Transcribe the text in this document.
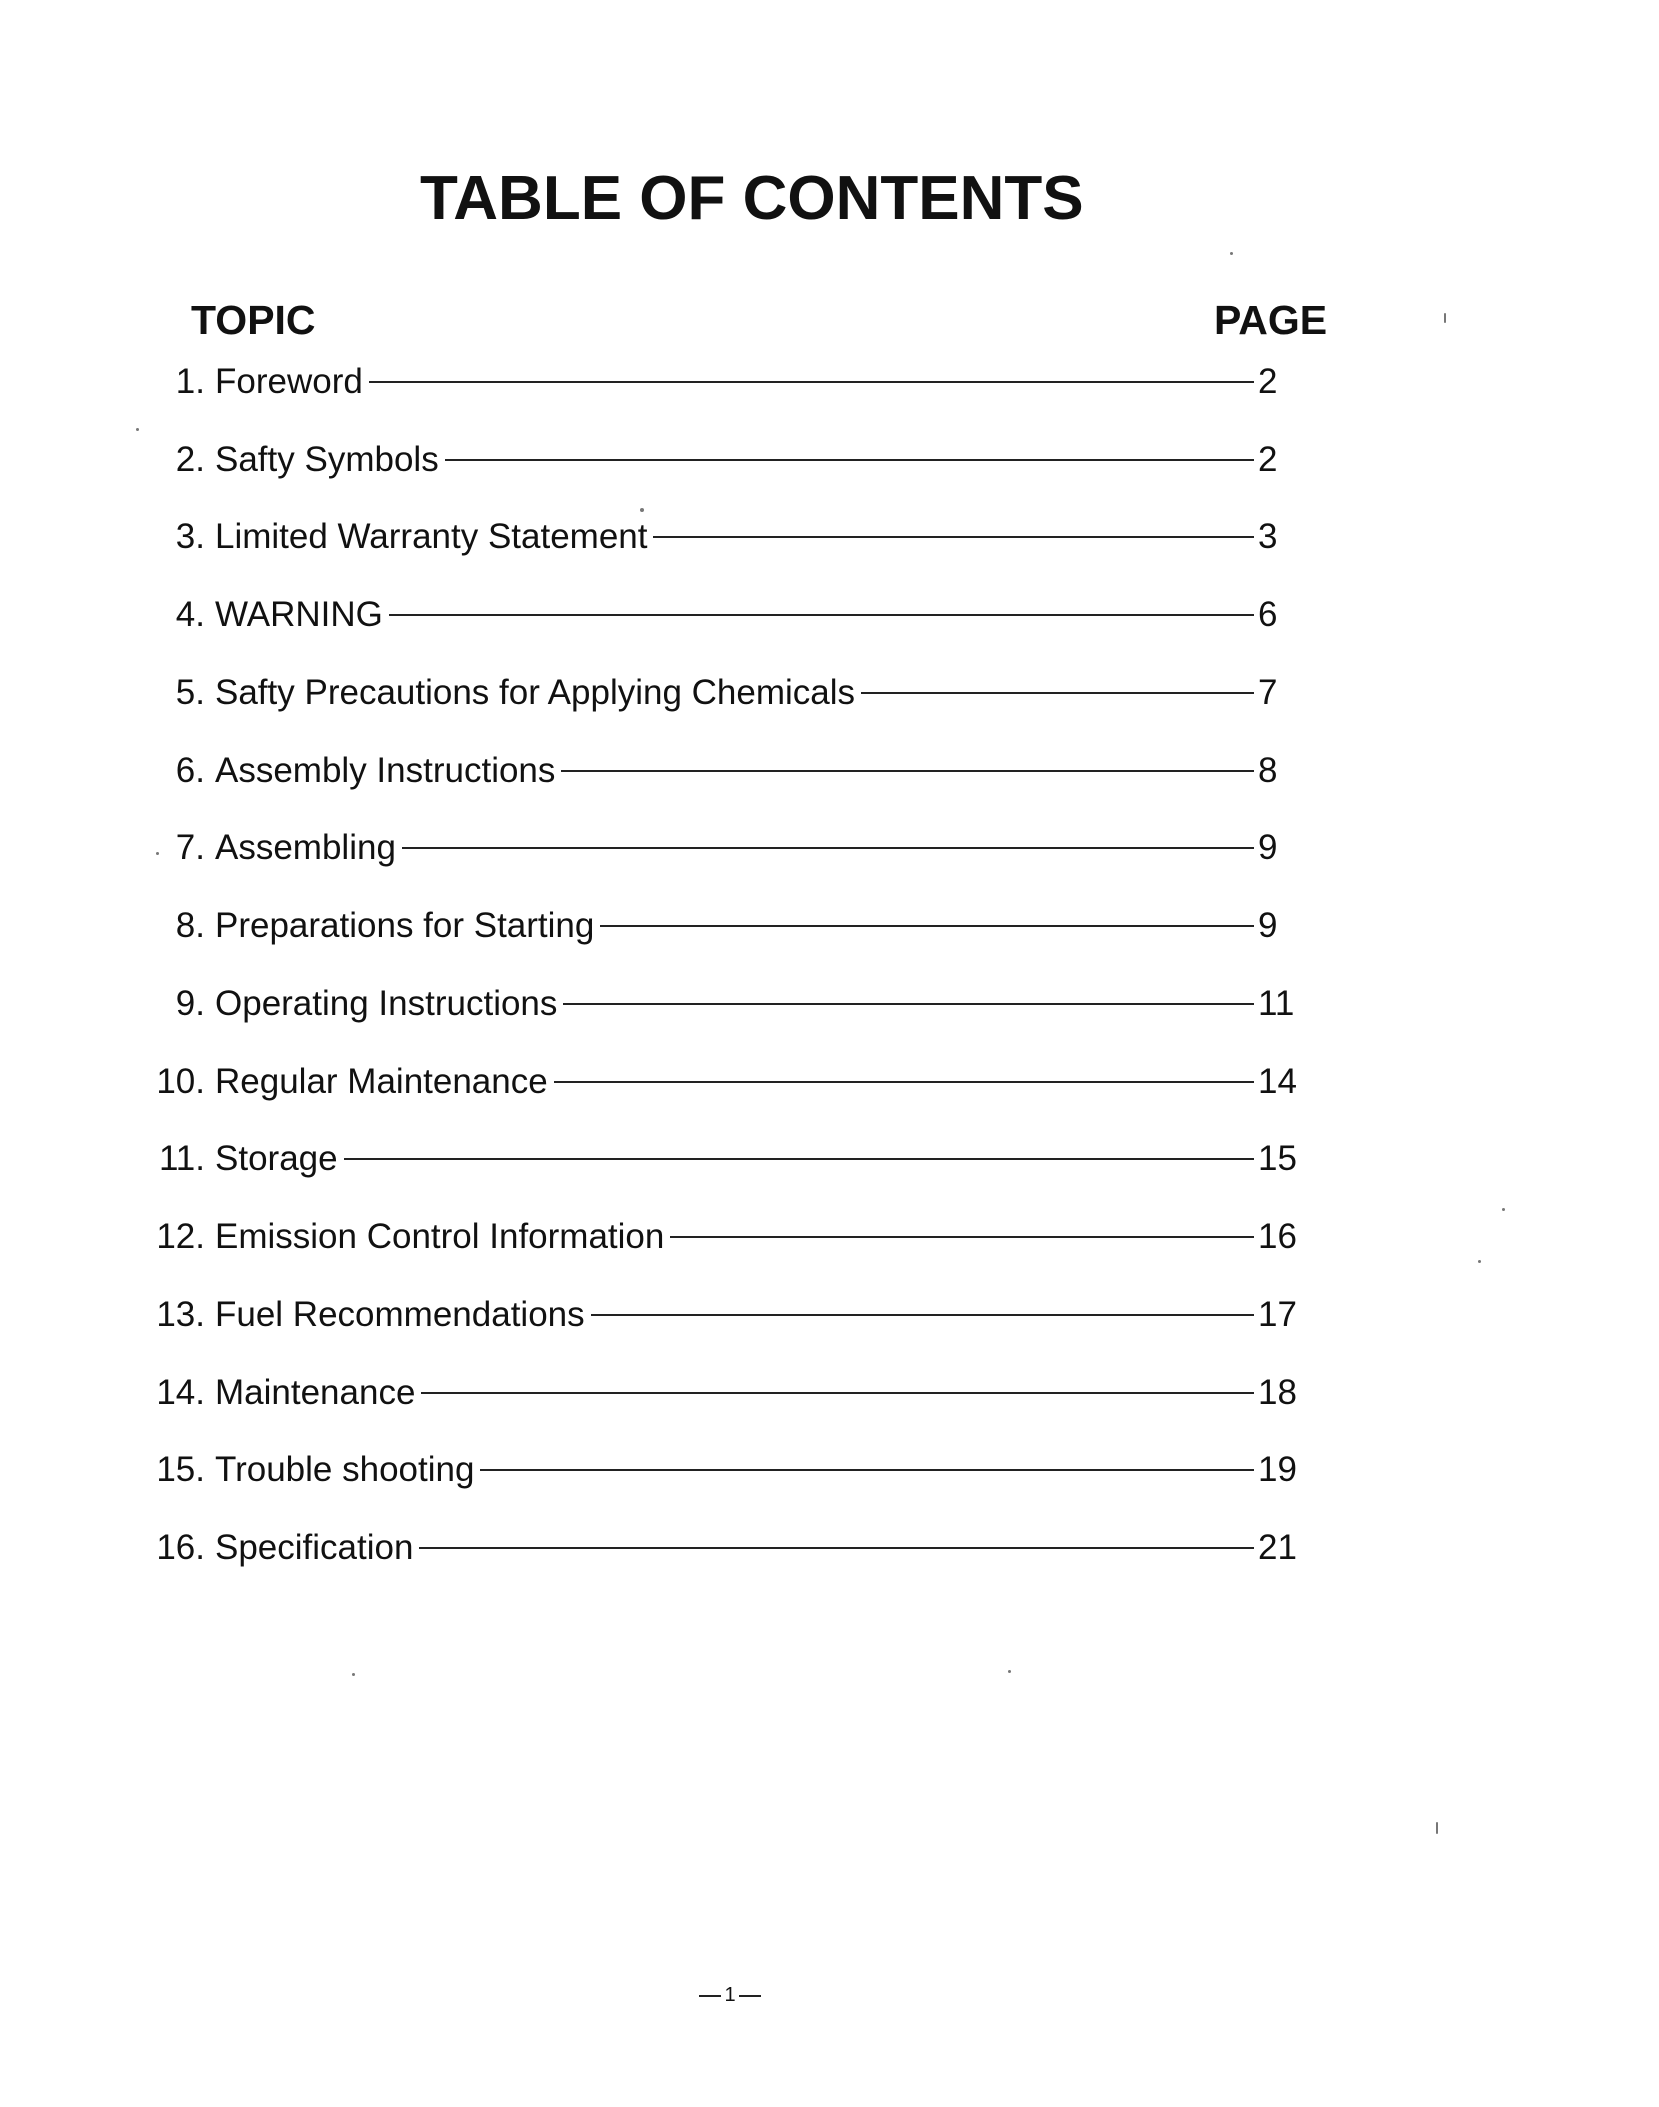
TABLE OF CONTENTS
TOPIC	PAGE
1. Foreword	2
2. Safty Symbols	2
3. Limited Warranty Statement	3
4. WARNING	6
5. Safty Precautions for Applying Chemicals	7
6. Assembly Instructions	8
7. Assembling	9
8. Preparations for Starting	9
9. Operating Instructions	11
10. Regular Maintenance	14
11. Storage	15
12. Emission Control Information	16
13. Fuel Recommendations	17
14. Maintenance	18
15. Trouble shooting	19
16. Specification	21
1
